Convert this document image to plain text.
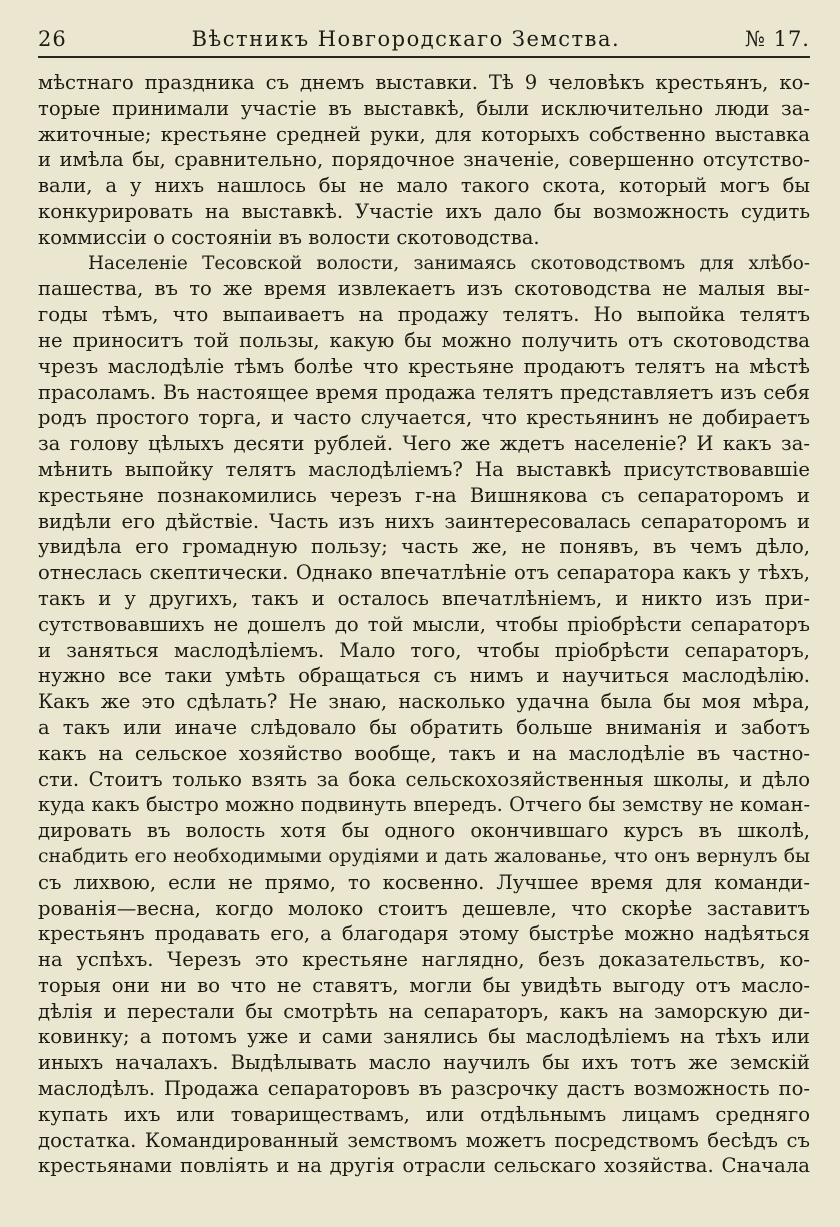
26	Вѣстникъ Новгородскаго Земства.	№ 17.
мѣстнаго праздника съ днемъ выставки. Тѣ 9 человѣкъ крестьянъ, ко-
торые принимали участіе въ выставкѣ, были исключительно люди за-
житочные; крестьяне средней руки, для которыхъ собственно выставка
и имѣла бы, сравнительно, порядочное значеніе, совершенно отсутство-
вали, а у нихъ нашлось бы не мало такого скота, который могъ бы
конкурировать на выставкѣ. Участіе ихъ дало бы возможность судить
коммиссіи о состояніи въ волости скотоводства.
Населеніе Тесовской волости, занимаясь скотоводствомъ для хлѣбо-
пашества, въ то же время извлекаетъ изъ скотоводства не малыя вы-
годы тѣмъ, что выпаиваетъ на продажу телятъ. Но выпойка телятъ
не приноситъ той пользы, какую бы можно получить отъ скотоводства
чрезъ маслодѣліе тѣмъ болѣе что крестьяне продаютъ телятъ на мѣстѣ
прасоламъ. Въ настоящее время продажа телятъ представляетъ изъ себя
родъ простого торга, и часто случается, что крестьянинъ не добираетъ
за голову цѣлыхъ десяти рублей. Чего же ждетъ населеніе? И какъ за-
мѣнить выпойку телятъ маслодѣліемъ? На выставкѣ присутствовавшіе
крестьяне познакомились черезъ г-на Вишнякова съ сепараторомъ и
видѣли его дѣйствіе. Часть изъ нихъ заинтересовалась сепараторомъ и
увидѣла его громадную пользу; часть же, не понявъ, въ чемъ дѣло,
отнеслась скептически. Однако впечатлѣніе отъ сепаратора какъ у тѣхъ,
такъ и у другихъ, такъ и осталось впечатлѣніемъ, и никто изъ при-
сутствовавшихъ не дошелъ до той мысли, чтобы пріобрѣсти сепараторъ
и заняться маслодѣліемъ. Мало того, чтобы пріобрѣсти сепараторъ,
нужно все таки умѣть обращаться съ нимъ и научиться маслодѣлію.
Какъ же это сдѣлать? Не знаю, насколько удачна была бы моя мѣра,
а такъ или иначе слѣдовало бы обратить больше вниманія и заботъ
какъ на сельское хозяйство вообще, такъ и на маслодѣліе въ частно-
сти. Стоитъ только взять за бока сельскохозяйственныя школы, и дѣло
куда какъ быстро можно подвинуть впередъ. Отчего бы земству не коман-
дировать въ волость хотя бы одного окончившаго курсъ въ школѣ,
снабдить его необходимыми орудіями и дать жалованье, что онъ вернулъ бы
съ лихвою, если не прямо, то косвенно. Лучшее время для команди-
рованія—весна, когдо молоко стоитъ дешевле, что скорѣе заставитъ
крестьянъ продавать его, а благодаря этому быстрѣе можно надѣяться
на успѣхъ. Черезъ это крестьяне наглядно, безъ доказательствъ, ко-
торыя они ни во что не ставятъ, могли бы увидѣть выгоду отъ масло-
дѣлія и перестали бы смотрѣть на сепараторъ, какъ на заморскую ди-
ковинку; а потомъ уже и сами занялись бы маслодѣліемъ на тѣхъ или
иныхъ началахъ. Выдѣлывать масло научилъ бы ихъ тотъ же земскій
маслодѣлъ. Продажа сепараторовъ въ разсрочку дастъ возможность по-
купать ихъ или товариществамъ, или отдѣльнымъ лицамъ средняго
достатка. Командированный земствомъ можетъ посредствомъ бесѣдъ съ
крестьянами повліять и на другія отрасли сельскаго хозяйства. Сначала
